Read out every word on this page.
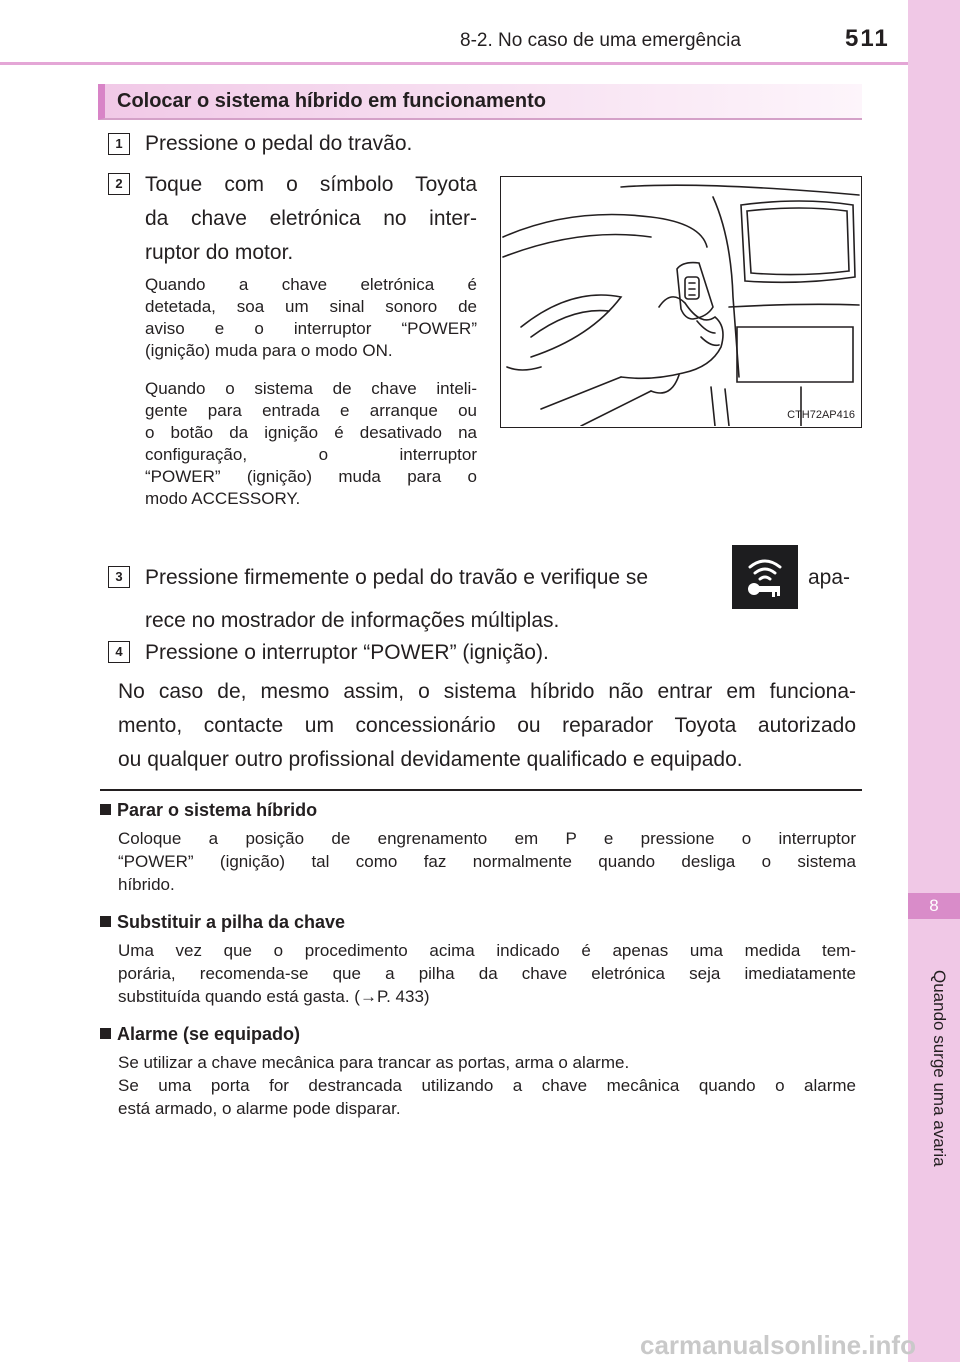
8-2. No caso de uma emergência	511
8
Quando surge uma avaria
Colocar o sistema híbrido em funcionamento
1	Pressione o pedal do travão.
2	Toque com o símbolo Toyota
da chave eletrónica no inter-
ruptor do motor.
Quando a chave eletrónica é
detetada, soa um sinal sonoro de
aviso e o interruptor “POWER”
(ignição) muda para o modo ON.
Quando o sistema de chave inteli-
gente para entrada e arranque ou
o botão da ignição é desativado na
configuração, o interruptor
“POWER” (ignição) muda para o
modo ACCESSORY.
CTH72AP416
3	Pressione firmemente o pedal do travão e verifique se	apa-
rece no mostrador de informações múltiplas.
4	Pressione o interruptor “POWER” (ignição).
No caso de, mesmo assim, o sistema híbrido não entrar em funciona-
mento, contacte um concessionário ou reparador Toyota autorizado
ou qualquer outro profissional devidamente qualificado e equipado.
Parar o sistema híbrido
Coloque a posição de engrenamento em P e pressione o interruptor
“POWER” (ignição) tal como faz normalmente quando desliga o sistema
híbrido.
Substituir a pilha da chave
Uma vez que o procedimento acima indicado é apenas uma medida tem-
porária, recomenda-se que a pilha da chave eletrónica seja imediatamente
substituída quando está gasta. (→P. 433)
Alarme (se equipado)
Se utilizar a chave mecânica para trancar as portas, arma o alarme.
Se uma porta for destrancada utilizando a chave mecânica quando o alarme
está armado, o alarme pode disparar.
carmanualsonline.info
